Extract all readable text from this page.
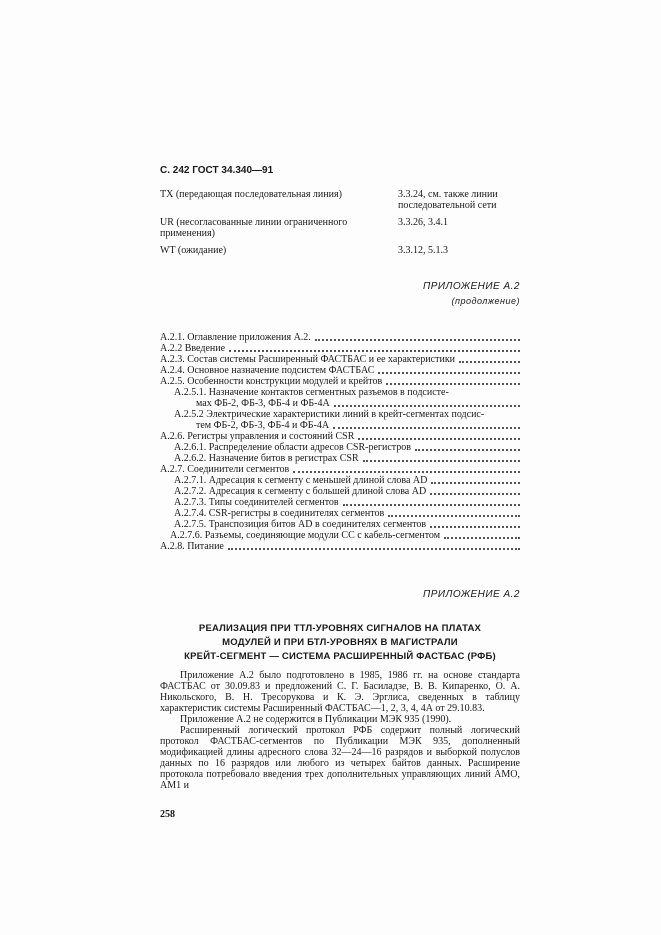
С. 242 ГОСТ 34.340—91
TX (передающая последовательная линия)	3.3.24, см. также линии последовательной сети
UR (несогласованные линии ограниченного применения)
3.3.26, 3.4.1
WT (ожидание)	3.3.12, 5.1.3
ПРИЛОЖЕНИЕ А.2
(продолжение)
A.2.1. Оглавление приложения А.2.
A.2.2 Введение
A.2.3. Состав системы Расширенный ФАСТБАС и ее характеристики
A.2.4. Основное назначение подсистем ФАСТБАС
A.2.5. Особенности конструкции модулей и крейтов
A.2.5.1. Назначение контактов сегментных разъемов в подсисте-
мах ФБ-2, ФБ-3, ФБ-4 и ФБ-4А
A.2.5.2 Электрические характеристики линий в крейт-сегментах подсис-
тем ФБ-2, ФБ-3, ФБ-4 и ФБ-4А
A.2.6. Регистры управления и состояний CSR
A.2.6.1. Распределение области адресов CSR-регистров
A.2.6.2. Назначение битов в регистрах CSR
A.2.7. Соединители сегментов
A.2.7.1. Адресация к сегменту с меньшей длиной слова AD
A.2.7.2. Адресация к сегменту с большей длиной слова AD
A.2.7.3. Типы соединителей сегментов
A.2.7.4. CSR-регистры в соединителях сегментов
A.2.7.5. Транспозиция битов AD в соединителях сегментов
A.2.7.6. Разъемы, соединяющие модули СС с кабель-сегментом
A.2.8. Питание
ПРИЛОЖЕНИЕ А.2
РЕАЛИЗАЦИЯ ПРИ ТТЛ-УРОВНЯХ СИГНАЛОВ НА ПЛАТАХ
МОДУЛЕЙ И ПРИ БТЛ-УРОВНЯХ В МАГИСТРАЛИ
КРЕЙТ-СЕГМЕНТ — СИСТЕМА РАСШИРЕННЫЙ ФАСТБАС (РФБ)

Приложение А.2 было подготовлено в 1985, 1986 гг. на основе стандарта ФАСТБАС от 30.09.83 и предложений С. Г. Басиладзе, В. В. Кипаренко, О. А. Никольского, В. Н. Тресорукова и К. Э. Эрглиса, сведенных в таблицу характеристик системы Расширенный ФАСТБАС—1, 2, 3, 4, 4А от 29.10.83.

Приложение А.2 не содержится в Публикации МЭК 935 (1990).

Расширенный логический протокол РФБ содержит полный логический протокол ФАСТБАС-сегментов по Публикации МЭК 935, дополненный модификацией длины адресного слова 32—24—16 разрядов и выборкой полуслов данных по 16 разрядов или любого из четырех байтов данных. Расширение протокола потребовало введения трех дополнительных управляющих линий АМО, АМ1 и

258
